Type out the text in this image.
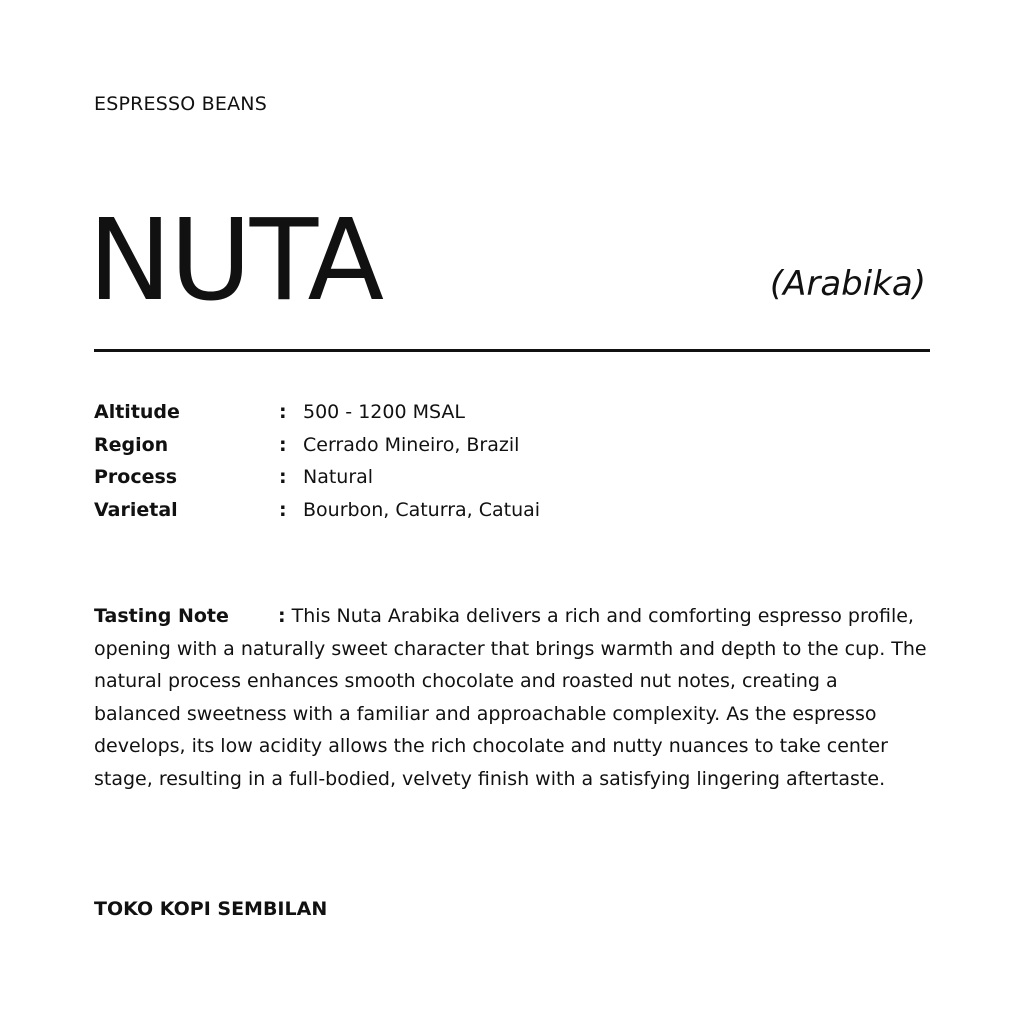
ESPRESSO BEANS
NUTA	(Arabika)
Altitude	: 500 - 1200 MSAL
Region	: Cerrado Mineiro, Brazil
Process	: Natural
Varietal	: Bourbon, Caturra, Catuai
Tasting Note	: This Nuta Arabika delivers a rich and comforting espresso profile, opening with a naturally sweet character that brings warmth and depth to the cup. The natural process enhances smooth chocolate and roasted nut notes, creating a balanced sweetness with a familiar and approachable complexity. As the espresso develops, its low acidity allows the rich chocolate and nutty nuances to take center stage, resulting in a full-bodied, velvety finish with a satisfying lingering aftertaste.
TOKO KOPI SEMBILAN
